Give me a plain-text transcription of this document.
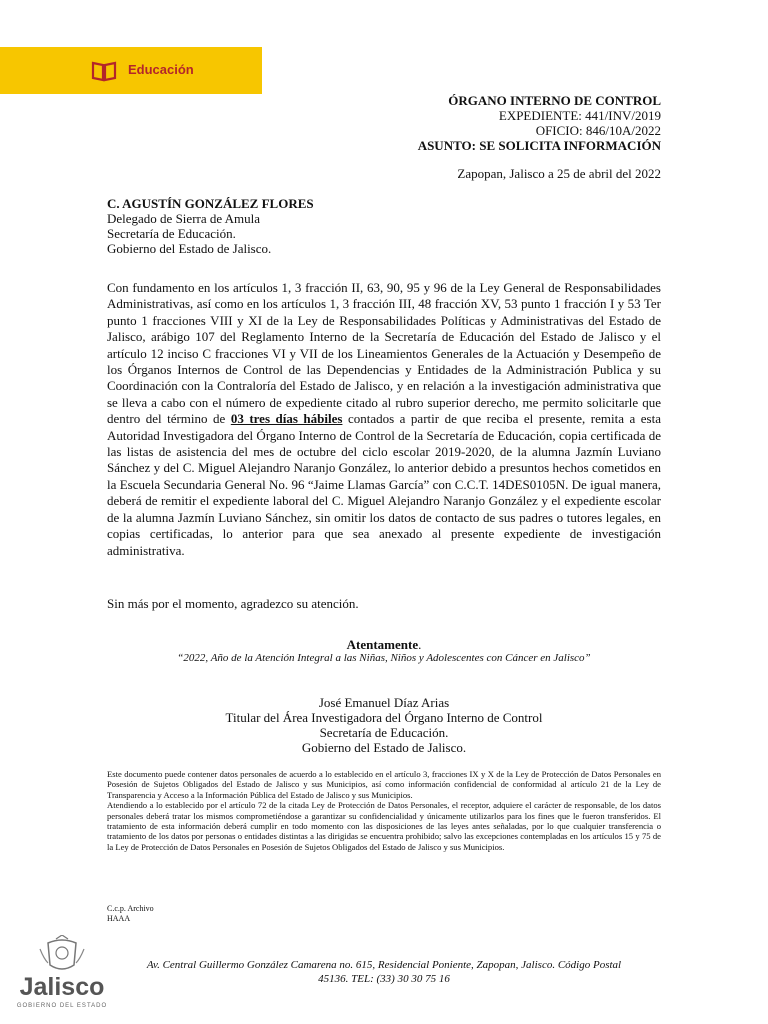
Educación
ÓRGANO INTERNO DE CONTROL
EXPEDIENTE: 441/INV/2019
OFICIO: 846/10A/2022
ASUNTO: SE SOLICITA INFORMACIÓN
Zapopan, Jalisco a 25 de abril del 2022
C. AGUSTÍN GONZÁLEZ FLORES
Delegado de Sierra de Amula
Secretaría de Educación.
Gobierno del Estado de Jalisco.
Con fundamento en los artículos 1, 3 fracción II, 63, 90, 95 y 96 de la Ley General de Responsabilidades Administrativas, así como en los artículos 1, 3 fracción III, 48 fracción XV, 53 punto 1 fracción I y 53 Ter punto 1 fracciones VIII y XI de la Ley de Responsabilidades Políticas y Administrativas del Estado de Jalisco, arábigo 107 del Reglamento Interno de la Secretaría de Educación del Estado de Jalisco y el artículo 12 inciso C fracciones VI y VII de los Lineamientos Generales de la Actuación y Desempeño de los Órganos Internos de Control de las Dependencias y Entidades de la Administración Publica y su Coordinación con la Contraloría del Estado de Jalisco, y en relación a la investigación administrativa que se lleva a cabo con el número de expediente citado al rubro superior derecho, me permito solicitarle que dentro del término de 03 tres días hábiles contados a partir de que reciba el presente, remita a esta Autoridad Investigadora del Órgano Interno de Control de la Secretaría de Educación, copia certificada de las listas de asistencia del mes de octubre del ciclo escolar 2019-2020, de la alumna Jazmín Luviano Sánchez y del C. Miguel Alejandro Naranjo González, lo anterior debido a presuntos hechos cometidos en la Escuela Secundaria General No. 96 “Jaime Llamas García” con C.C.T. 14DES0105N. De igual manera, deberá de remitir el expediente laboral del C. Miguel Alejandro Naranjo González y el expediente escolar de la alumna Jazmín Luviano Sánchez, sin omitir los datos de contacto de sus padres o tutores legales, en copias certificadas, lo anterior para que sea anexado al presente expediente de investigación administrativa.
Sin más por el momento, agradezco su atención.
Atentamente.
“2022, Año de la Atención Integral a las Niñas, Niños y Adolescentes con Cáncer en Jalisco”
José Emanuel Díaz Arias
Titular del Área Investigadora del Órgano Interno de Control
Secretaría de Educación.
Gobierno del Estado de Jalisco.
Este documento puede contener datos personales de acuerdo a lo establecido en el artículo 3, fracciones IX y X de la Ley de Protección de Datos Personales en Posesión de Sujetos Obligados del Estado de Jalisco y sus Municipios, así como información confidencial de conformidad al artículo 21 de la Ley de Transparencia y Acceso a la Información Pública del Estado de Jalisco y sus Municipios.
Atendiendo a lo establecido por el artículo 72 de la citada Ley de Protección de Datos Personales, el receptor, adquiere el carácter de responsable, de los datos personales deberá tratar los mismos comprometiéndose a garantizar su confidencialidad y únicamente utilizarlos para los fines que le fueron transferidos. El tratamiento de esta información deberá cumplir en todo momento con las disposiciones de las leyes antes señaladas, por lo que cualquier transferencia o tratamiento de los datos por personas o entidades distintas a las dirigidas se encuentra prohibido; salvo las excepciones contempladas en los artículos 15 y 75 de la Ley de Protección de Datos Personales en Posesión de Sujetos Obligados del Estado de Jalisco y sus Municipios.
C.c.p. Archivo
HAAA
Jalisco
GOBIERNO DEL ESTADO
Av. Central Guillermo González Camarena no. 615, Residencial Poniente, Zapopan, Jalisco. Código Postal
45136. TEL: (33) 30 30 75 16
